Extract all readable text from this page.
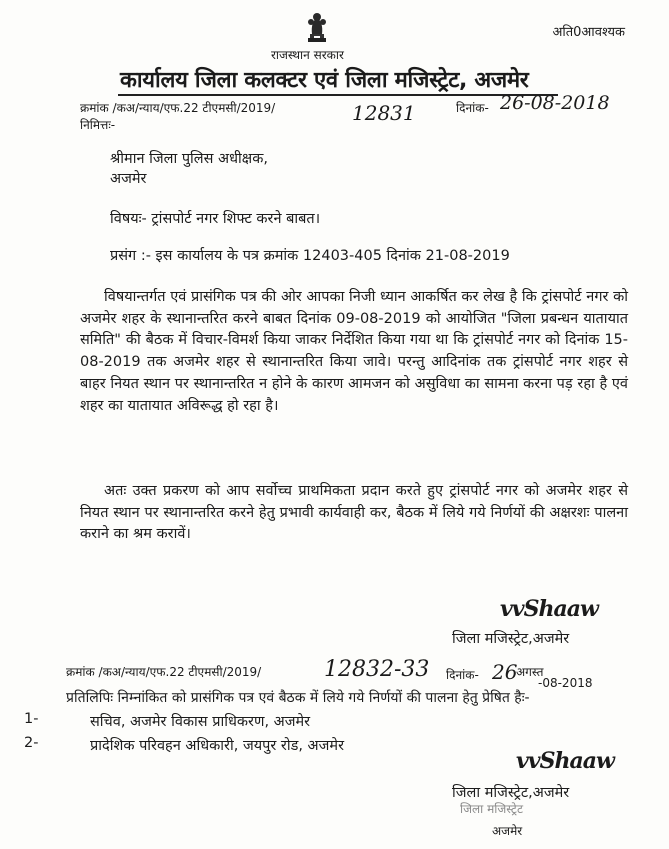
अति0आवश्यक
राजस्थान सरकार
कार्यालय जिला कलक्टर एवं जिला मजिस्ट्रेट, अजमेर
क्रमांक /कअ/न्याय/एफ.22 टीएमसी/2019/	12831	दिनांक- 26-08-2018
निमित्तः-
श्रीमान जिला पुलिस अधीक्षक,
अजमेर
विषयः- ट्रांसपोर्ट नगर शिफ्ट करने बाबत।
प्रसंग :- इस कार्यालय के पत्र क्रमांक 12403-405 दिनांक 21-08-2019
विषयान्तर्गत एवं प्रासंगिक पत्र की ओर आपका निजी ध्यान आकर्षित कर लेख है कि ट्रांसपोर्ट नगर को अजमेर शहर के स्थानान्तरित करने बाबत दिनांक 09-08-2019 को आयोजित "जिला प्रबन्धन यातायात समिति" की बैठक में विचार-विमर्श किया जाकर निर्देशित किया गया था कि ट्रांसपोर्ट नगर को दिनांक 15-08-2019 तक अजमेर शहर से स्थानान्तरित किया जावे। परन्तु आदिनांक तक ट्रांसपोर्ट नगर शहर से बाहर नियत स्थान पर स्थानान्तरित न होने के कारण आमजन को असुविधा का सामना करना पड़ रहा है एवं शहर का यातायात अविरूद्ध हो रहा है।
अतः उक्त प्रकरण को आप सर्वोच्च प्राथमिकता प्रदान करते हुए ट्रांसपोर्ट नगर को अजमेर शहर से नियत स्थान पर स्थानान्तरित करने हेतु प्रभावी कार्यवाही कर, बैठक में लिये गये निर्णयों की अक्षरशः पालना कराने का श्रम करावें।
vvShaaw
जिला मजिस्ट्रेट,अजमेर
क्रमांक /कअ/न्याय/एफ.22 टीएमसी/2019/	12832-33 दिनांक- 26
अगस्त
-08-2018
प्रतिलिपिः निम्नांकित को प्रासंगिक पत्र एवं बैठक में लिये गये निर्णयों की पालना हेतु प्रेषित हैः-
1-	सचिव, अजमेर विकास प्राधिकरण, अजमेर
2-	प्रादेशिक परिवहन अधिकारी, जयपुर रोड, अजमेर
vvShaaw
जिला मजिस्ट्रेट,अजमेर
जिला मजिस्ट्रेट
अजमेर
